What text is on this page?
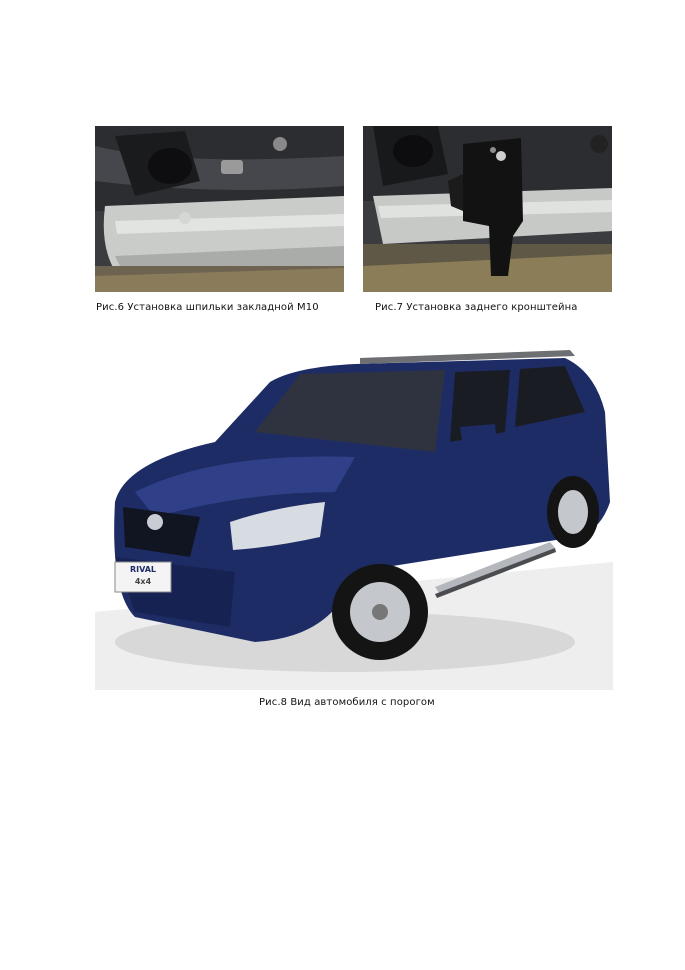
Рис.6 Установка шпильки закладной М10	Рис.7 Установка заднего кронштейна
RIVAL
4x4
Рис.8 Вид автомобиля с порогом
